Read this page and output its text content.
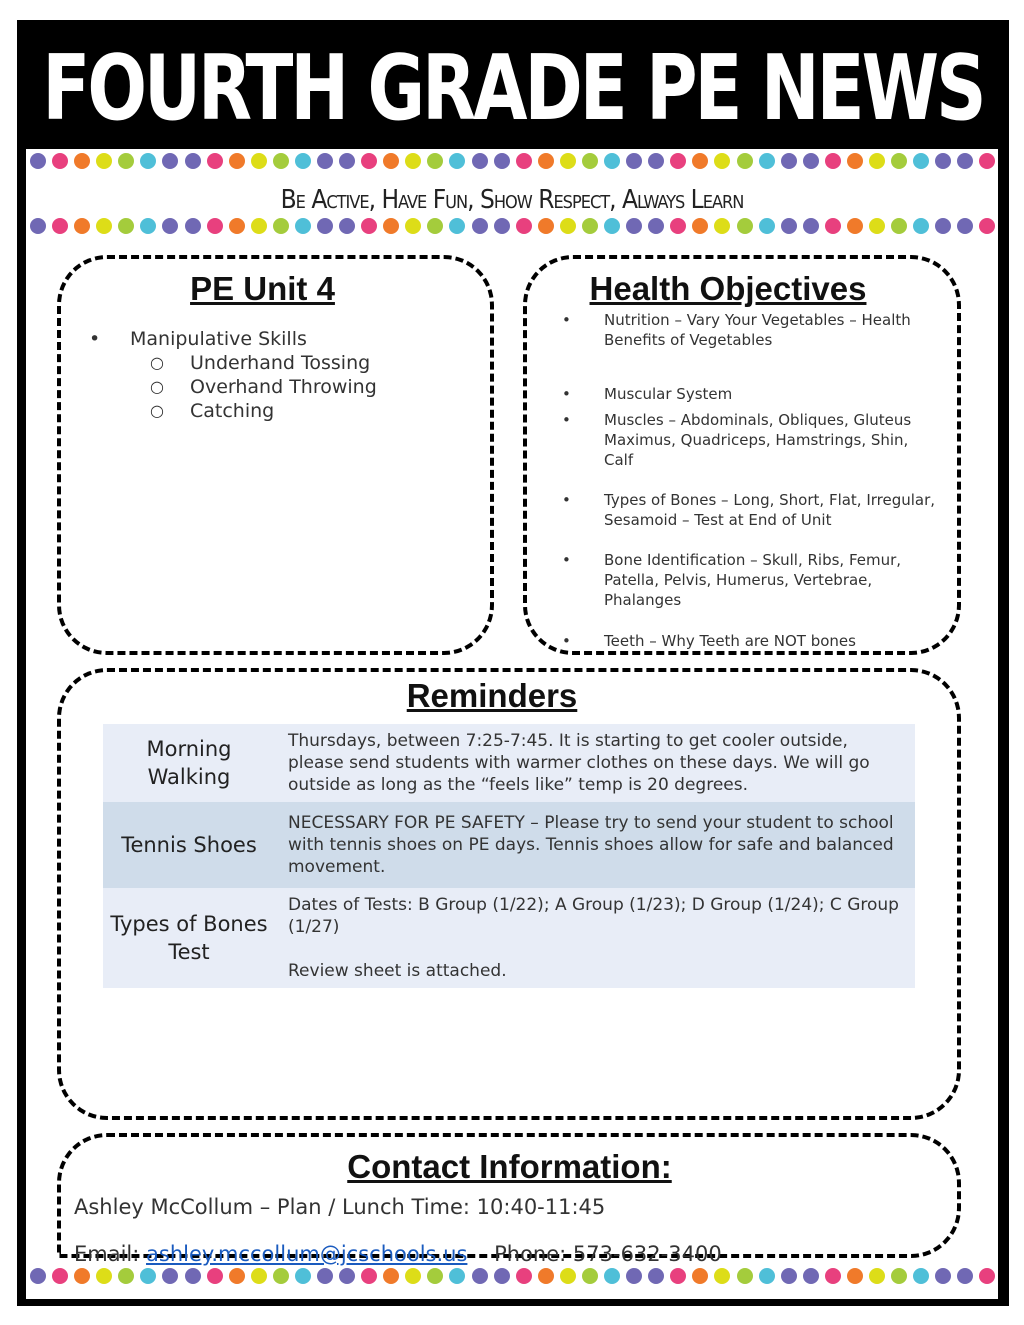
FOURTH GRADE PE NEWS
Be Active, Have Fun, Show Respect, Always Learn
PE Unit 4
• Manipulative Skills
○ Underhand Tossing
○ Overhand Throwing
○ Catching
Health Objectives
• Nutrition – Vary Your Vegetables – Health Benefits of Vegetables
• Muscular System
• Muscles – Abdominals, Obliques, Gluteus Maximus, Quadriceps, Hamstrings, Shin, Calf
• Types of Bones – Long, Short, Flat, Irregular, Sesamoid – Test at End of Unit
• Bone Identification – Skull, Ribs, Femur, Patella, Pelvis, Humerus, Vertebrae, Phalanges
• Teeth – Why Teeth are NOT bones
Reminders
Morning Walking	Thursdays, between 7:25-7:45. It is starting to get cooler outside, please send students with warmer clothes on these days. We will go outside as long as the “feels like” temp is 20 degrees.
Tennis Shoes	NECESSARY FOR PE SAFETY – Please try to send your student to school with tennis shoes on PE days. Tennis shoes allow for safe and balanced movement.
Types of Bones Test	Dates of Tests: B Group (1/22); A Group (1/23); D Group (1/24); C Group (1/27)
Review sheet is attached.
Contact Information:
Ashley McCollum – Plan / Lunch Time: 10:40-11:45
Email: ashley.mccollum@jcschools.us Phone: 573-632-3400
